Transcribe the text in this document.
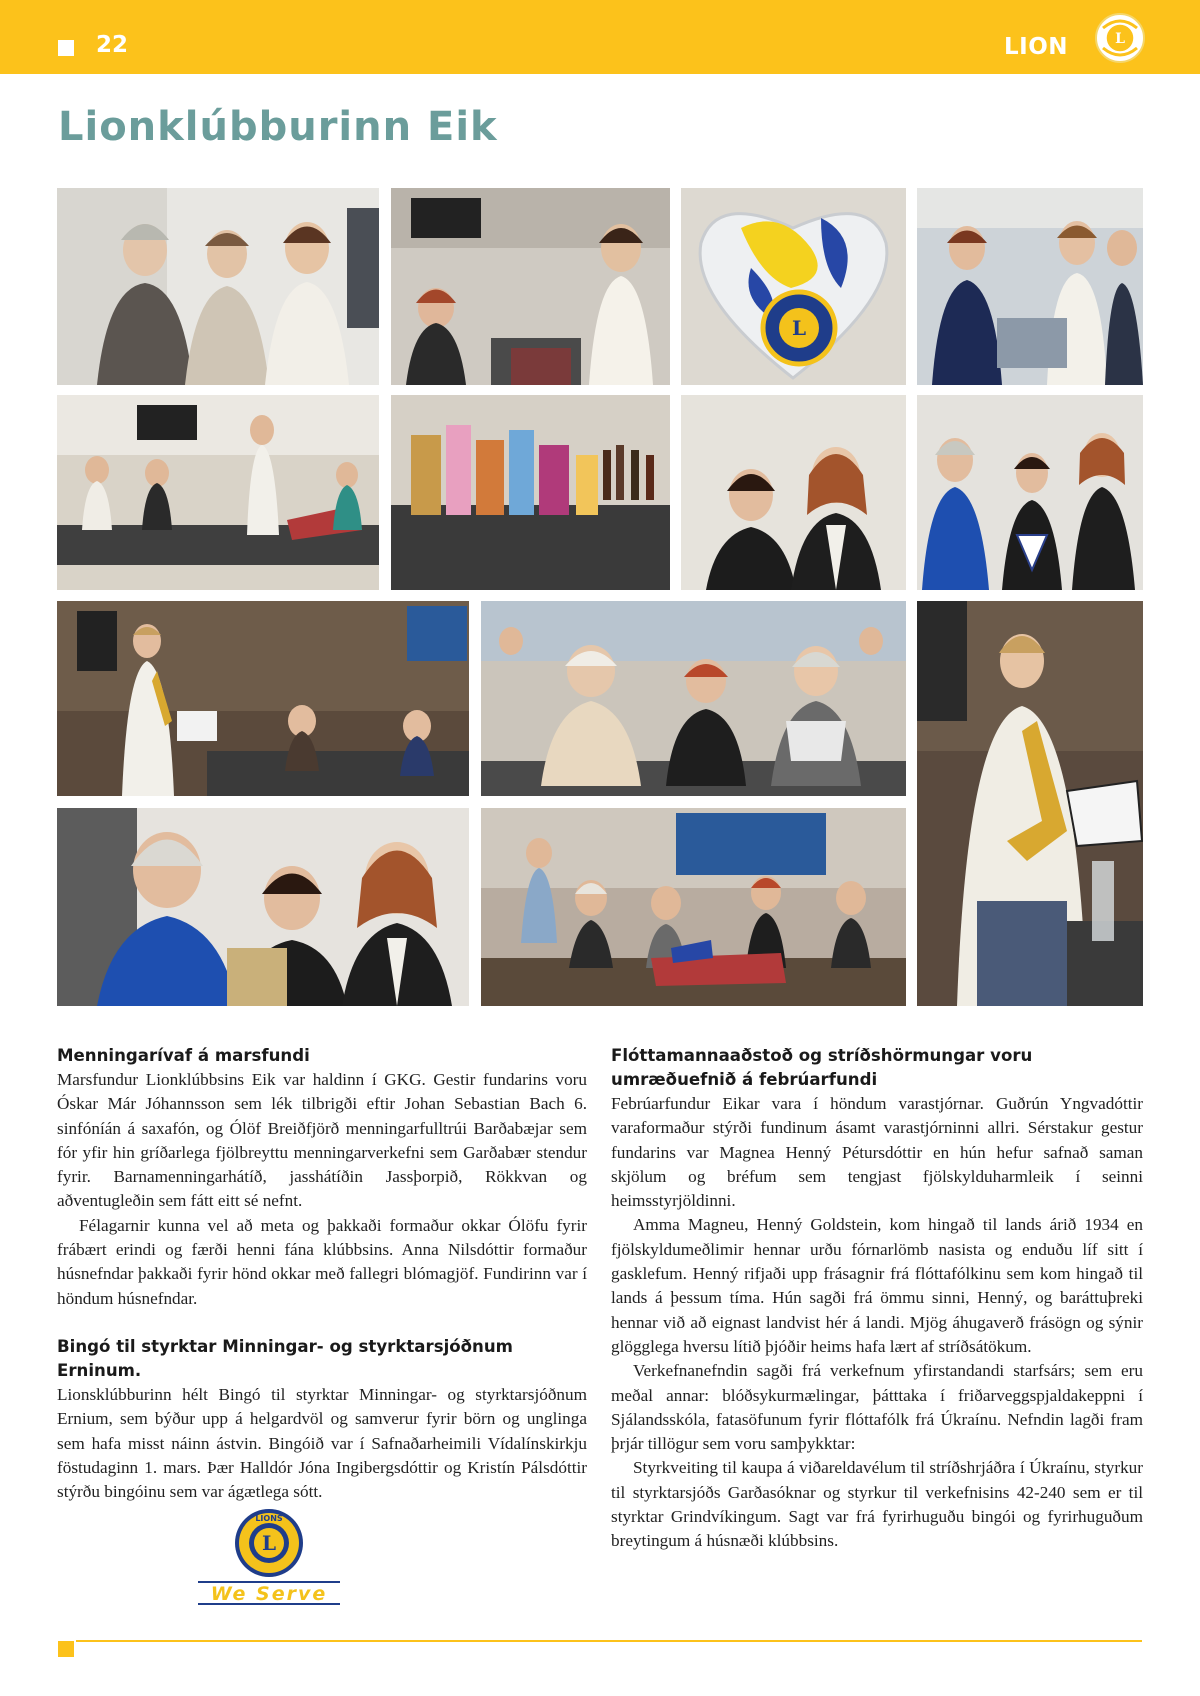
22	LION	L
Lionklúbburinn Eik
L
Menningarívaf á marsfundi

Marsfundur Lionklúbbsins Eik var haldinn í GKG. Gestir fundarins voru Óskar Már Jóhannsson sem lék tilbrigði eftir Johan Sebastian Bach 6. sinfóníán á saxafón, og Ólöf Breiðfjörð menningarfulltrúi Barðabæjar sem fór yfir hin gríðarlega fjölbreyttu menningarverkefni sem Garðabær stendur fyrir. Barnamenningarhátíð, jasshátíðin Jassþorpið, Rökkvan og aðventugleðin sem fátt eitt sé nefnt.

Félagarnir kunna vel að meta og þakkaði formaður okkar Ólöfu fyrir frábært erindi og færði henni fána klúbbsins. Anna Nilsdóttir formaður húsnefndar þakkaði fyrir hönd okkar með fallegri blómagjöf. Fundirinn var í höndum húsnefndar.

Bingó til styrktar Minningar- og styrktarsjóðnum Erninum.

Lionsklúbburinn hélt Bingó til styrktar Minningar- og styrktarsjóðnum Ernium, sem býður upp á helgardvöl og samverur fyrir börn og unglinga sem hafa misst náinn ástvin. Bingóið var í Safnaðarheimili Vídalínskirkju föstudaginn 1. mars. Þær Halldór Jóna Ingibergsdóttir og Kristín Pálsdóttir stýrðu bingóinu sem var ágætlega sótt.

L
LIONS
We Serve
Flóttamannaaðstoð og stríðshörmungar voru umræðuefnið á febrúarfundi

Febrúarfundur Eikar vara í höndum varastjórnar. Guðrún Yngvadóttir varaformaður stýrði fundinum ásamt varastjórninni allri. Sérstakur gestur fundarins var Magnea Henný Pétursdóttir en hún hefur safnað saman skjölum og bréfum sem tengjast fjölskylduharmleik í seinni heimsstyrjöldinni.

Amma Magneu, Henný Goldstein, kom hingað til lands árið 1934 en fjölskyldumeðlimir hennar urðu fórnarlömb nasista og enduðu líf sitt í gasklefum. Henný rifjaði upp frásagnir frá flóttafólkinu sem kom hingað til lands á þessum tíma. Hún sagði frá ömmu sinni, Henný, og baráttuþreki hennar við að eignast landvist hér á landi. Mjög áhugaverð frásögn og sýnir glögglega hversu lítið þjóðir heims hafa lært af stríðsátökum.

Verkefnanefndin sagði frá verkefnum yfirstandandi starfsárs; sem eru meðal annar: blóðsykurmælingar, þátttaka í friðarveggspjaldakeppni í Sjálandsskóla, fatasöfunum fyrir flóttafólk frá Úkraínu. Nefndin lagði fram þrjár tillögur sem voru samþykktar:

Styrkveiting til kaupa á viðareldavélum til stríðshrjáðra í Úkraínu, styrkur til styrktarsjóðs Garðasóknar og styrkur til verkefnisins 42-240 sem er til styrktar Grindvíkingum. Sagt var frá fyrirhuguðu bingói og fyrirhuguðum breytingum á húsnæði klúbbsins.
